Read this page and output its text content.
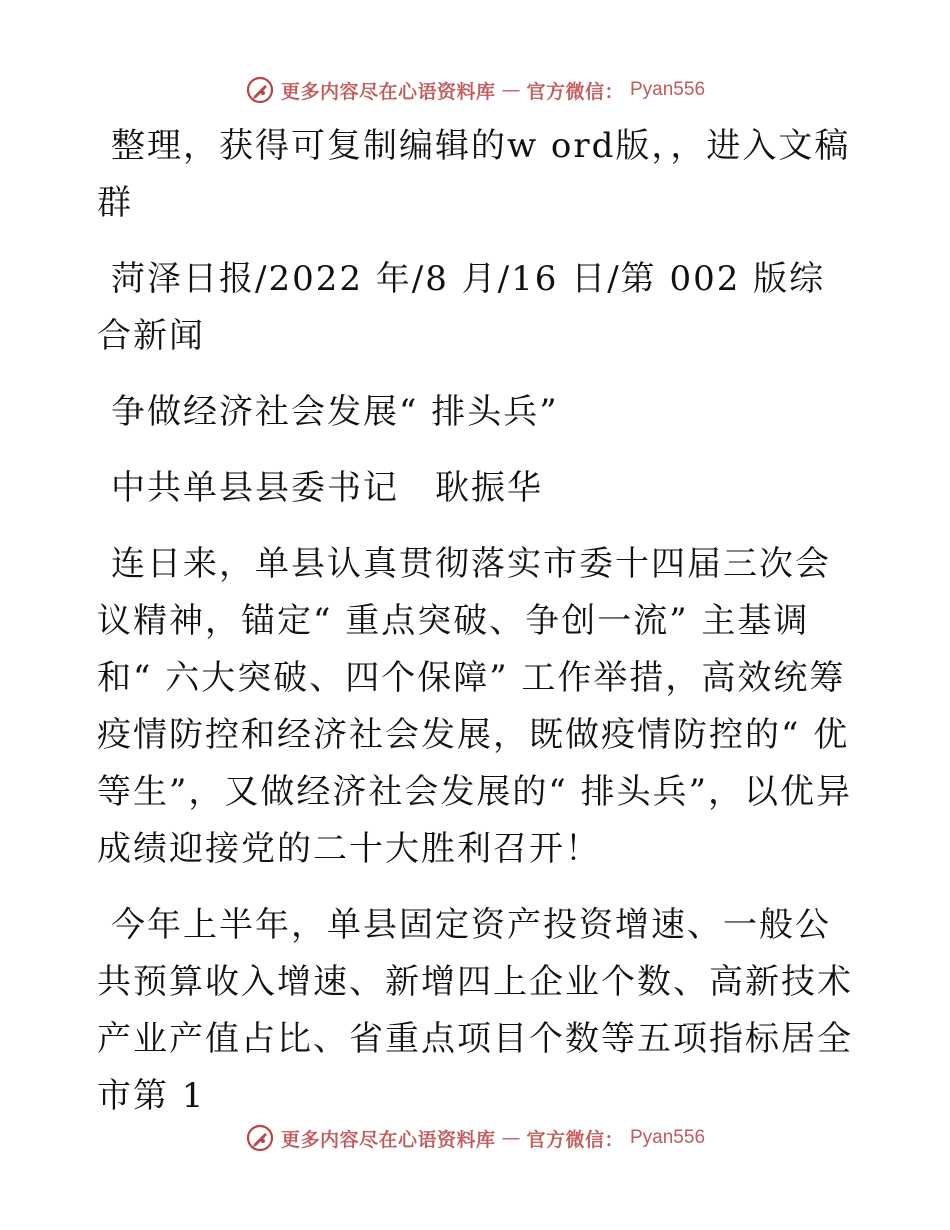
更多内容尽在心语资料库 — 官方微信： Pyan556

整理，获得可复制编辑的w ord版，，进入文稿群

菏泽日报/2022 年/8 月/16 日/第 002 版综合新闻

争做经济社会发展“ 排头兵”

中共单县县委书记　耿振华

连日来，单县认真贯彻落实市委十四届三次会议精神，锚定“ 重点突破、争创一流” 主基调和“ 六大突破、四个保障” 工作举措，高效统筹疫情防控和经济社会发展，既做疫情防控的“ 优等生”，又做经济社会发展的“ 排头兵”，以优异成绩迎接党的二十大胜利召开！

今年上半年，单县固定资产投资增速、一般公共预算收入增速、新增四上企业个数、高新技术产业产值占比、省重点项目个数等五项指标居全市第 1

更多内容尽在心语资料库 — 官方微信： Pyan556
